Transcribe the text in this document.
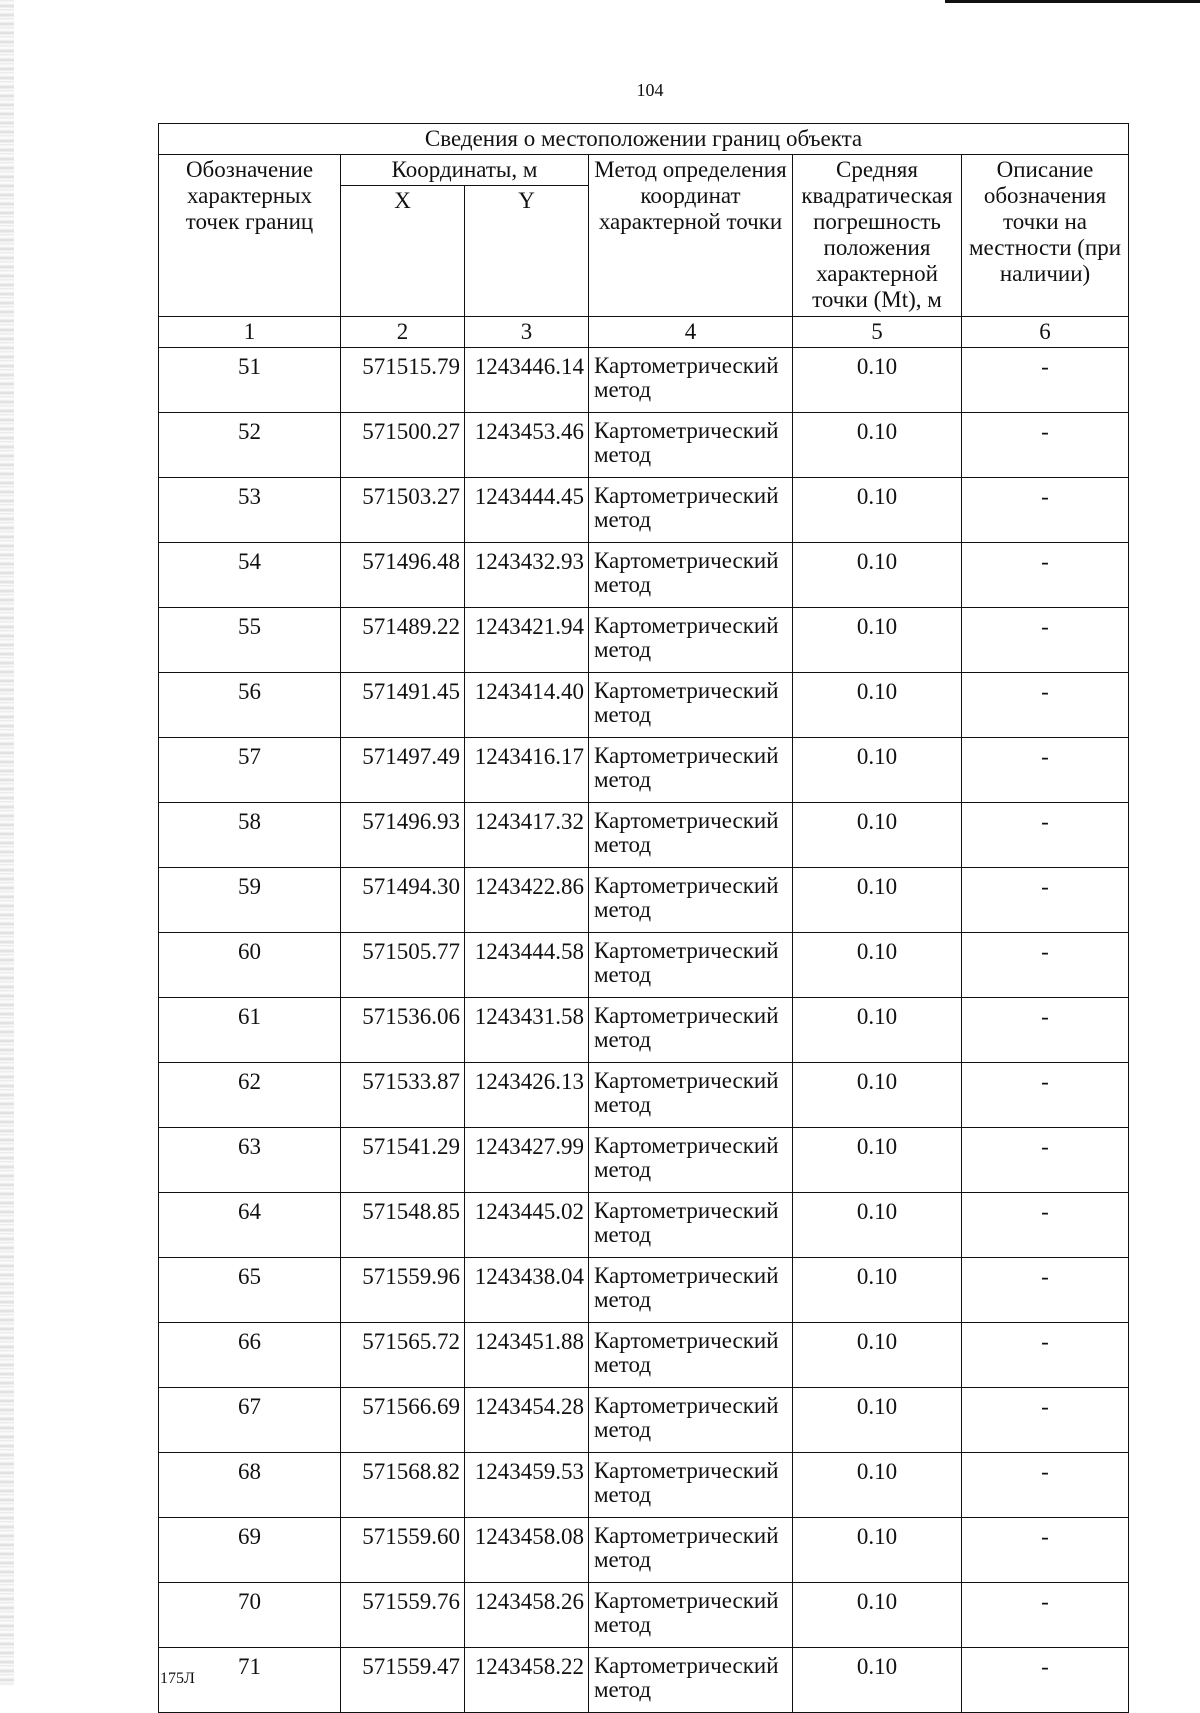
104
Сведения о местоположении границ объекта					
Обозначение характерных точек границ	Координаты, м		Метод определения координат характерной точки	Средняя квадратическая погрешность положения характерной точки (Mt), м	Описание обозначения точки на местности (при наличии)
	X	Y			
1	2	3	4	5	6
51	571515.79	1243446.14	Картометрический метод	0.10	-
52	571500.27	1243453.46	Картометрический метод	0.10	-
53	571503.27	1243444.45	Картометрический метод	0.10	-
54	571496.48	1243432.93	Картометрический метод	0.10	-
55	571489.22	1243421.94	Картометрический метод	0.10	-
56	571491.45	1243414.40	Картометрический метод	0.10	-
57	571497.49	1243416.17	Картометрический метод	0.10	-
58	571496.93	1243417.32	Картометрический метод	0.10	-
59	571494.30	1243422.86	Картометрический метод	0.10	-
60	571505.77	1243444.58	Картометрический метод	0.10	-
61	571536.06	1243431.58	Картометрический метод	0.10	-
62	571533.87	1243426.13	Картометрический метод	0.10	-
63	571541.29	1243427.99	Картометрический метод	0.10	-
64	571548.85	1243445.02	Картометрический метод	0.10	-
65	571559.96	1243438.04	Картометрический метод	0.10	-
66	571565.72	1243451.88	Картометрический метод	0.10	-
67	571566.69	1243454.28	Картометрический метод	0.10	-
68	571568.82	1243459.53	Картометрический метод	0.10	-
69	571559.60	1243458.08	Картометрический метод	0.10	-
70	571559.76	1243458.26	Картометрический метод	0.10	-
71	571559.47	1243458.22	Картометрический метод	0.10	-
175Л
